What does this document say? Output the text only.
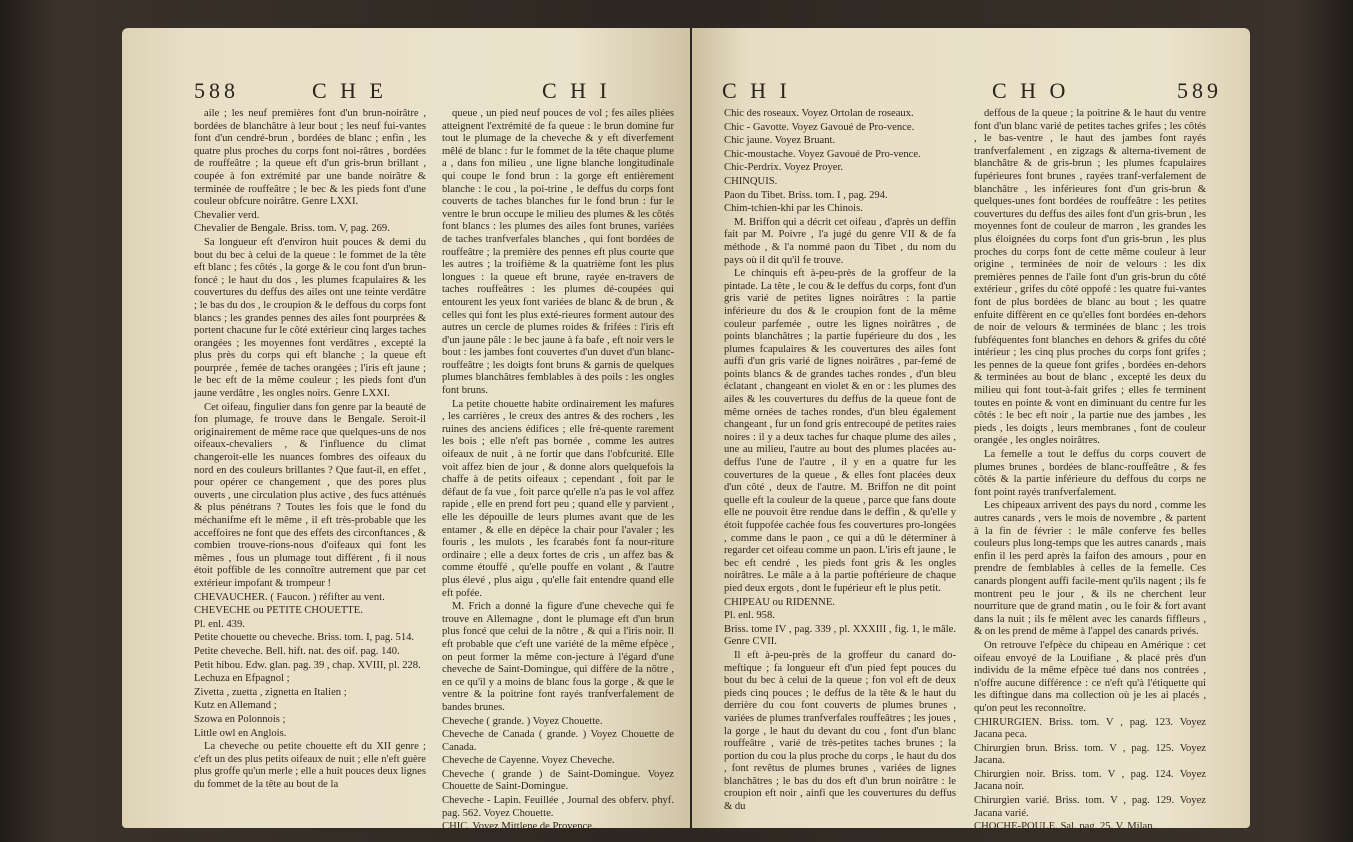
588	C H E	C H I

aile ; les neuf premières font d'un brun-noirâtre , bordées de blanchâtre à leur bout ; les neuf fui-vantes font d'un cendré-brun , bordées de blanc ; enfin , les quatre plus proches du corps font noi-râtres , bordées de rouffeâtre ; la queue eft d'un gris-brun brillant , coupée à fon extrémité par une bande noirâtre & terminée de rouffeâtre ; le bec & les pieds font d'une couleur obfcure noirâtre. Genre LXXI.

Chevalier verd.

Chevalier de Bengale. Briss. tom. V, pag. 269.

Sa longueur eft d'environ huit pouces & demi du bout du bec à celui de la queue : le fommet de la tête eft blanc ; fes côtés , la gorge & le cou font d'un brun-foncé ; le haut du dos , les plumes fcapulaires & les couvertures du deffus des ailes ont une teinte verdâtre ; le bas du dos , le croupion & le deffous du corps font blancs ; les grandes pennes des ailes font pourprées & portent chacune fur le côté extérieur cinq larges taches orangées ; les moyennes font verdâtres , excepté la plus près du corps qui eft blanche ; la queue eft pourprée , femée de taches orangées ; l'iris eft jaune ; le bec eft de la même couleur ; les pieds font d'un jaune verdâtre , les ongles noirs. Genre LXXI.

Cet oifeau, fingulier dans fon genre par la beauté de fon plumage, fe trouve dans le Bengale. Seroit-il originairement de même race que quelques-uns de nos oifeaux-chevaliers , & l'influence du climat changeroit-elle les nuances fombres des oifeaux du nord en des couleurs brillantes ? Que faut-il, en effet , pour opérer ce changement , que des pores plus ouverts , une circulation plus active , des fucs atténués & plus pénétrans ? Toutes les fois que le fond du méchanifme eft le même , il eft très-probable que les acceffoires ne font que des effets des circonftances , & combien trouve-rions-nous d'oifeaux qui font les mêmes , fous un plumage tout différent , fi il nous étoit poffible de les connoître autrement que par cet extérieur impofant & trompeur !

CHEVAUCHER. ( Faucon. ) réfifter au vent.

CHEVECHE ou PETITE CHOUETTE.

Pl. enl. 439.

Petite chouette ou cheveche. Briss. tom. I, pag. 514.

Petite cheveche. Bell. hift. nat. des oif. pag. 140.

Petit hibou. Edw. glan. pag. 39 , chap. XVIII, pl. 228.

Lechuza en Efpagnol ;

Zivetta , zuetta , zignetta en Italien ;

Kutz en Allemand ;

Szowa en Polonnois ;

Little owl en Anglois.

La cheveche ou petite chouette eft du XII genre ; c'eft un des plus petits oifeaux de nuit ; elle n'eft guère plus groffe qu'un merle ; elle a huit pouces deux lignes du fommet de la tête au bout de la

queue , un pied neuf pouces de vol ; fes ailes pliées atteignent l'extrémité de fa queue : le brun domine fur tout le plumage de la cheveche & y eft diverfement mêlé de blanc : fur le fommet de la tête chaque plume a , dans fon milieu , une ligne blanche longitudinale qui coupe le fond brun : la gorge eft entièrement blanche : le cou , la poi-trine , le deffus du corps font couverts de taches blanches fur le fond brun : fur le ventre le brun occupe le milieu des plumes & les côtés font blancs : les plumes des ailes font brunes, variées de taches tranfverfales blanches , qui font bordées de rouffeâtre ; la première des pennes eft plus courte que les autres ; la troifième & la quatrième font les plus longues : la queue eft brune, rayée en-travers de taches rouffeâtres : les plumes dé-coupées qui entourent les yeux font variées de blanc & de brun , & celles qui font les plus exté-rieures forment autour des autres un cercle de plumes roides & frifées : l'iris eft d'un jaune pâle : le bec jaune à fa bafe , eft noir vers le bout : les jambes font couvertes d'un duvet d'un blanc-rouffeâtre ; les doigts font bruns & garnis de quelques plumes blanchâtres femblables à des poils : les ongles font bruns.

La petite chouette habite ordinairement les mafures , les carrières , le creux des antres & des rochers , les ruines des anciens édifices ; elle fré-quente rarement les bois ; elle n'eft pas bornée , comme les autres oifeaux de nuit , à ne fortir que dans l'obfcurité. Elle voit affez bien de jour , & donne alors quelquefois la chaffe à de petits oifeaux ; cependant , foit par le défaut de fa vue , foit parce qu'elle n'a pas le vol affez rapide , elle en prend fort peu ; quand elle y parvient , elle les dépouille de leurs plumes avant que de les entamer , & elle en dépèce la chair pour l'avaler ; les fouris , les mulots , les fcarabés font fa nour-riture ordinaire ; elle a deux fortes de cris , un affez bas & comme étouffé , qu'elle pouffe en volant , & l'autre plus élevé , plus aigu , qu'elle fait entendre quand elle eft pofée.

M. Frich a donné la figure d'une cheveche qui fe trouve en Allemagne , dont le plumage eft d'un brun plus foncé que celui de la nôtre , & qui a l'iris noir. Il eft probable que c'eft une variété de la même efpèce , on peut former la même con-jecture à l'égard d'une cheveche de Saint-Domingue, qui diffère de la nôtre , en ce qu'il y a moins de blanc fous la gorge , & que le ventre & la poitrine font rayés tranfverfalement de bandes brunes.

Cheveche ( grande. ) Voyez Chouette.

Cheveche de Canada ( grande. ) Voyez Chouette de Canada.

Cheveche de Cayenne. Voyez Cheveche.

Cheveche ( grande ) de Saint-Domingue. Voyez Chouette de Saint-Domingue.

Cheveche - Lapin. Feuillée , Journal des obferv. phyf. pag. 562. Voyez Chouette.

CHIC. Voyez Mittlene de Provence.

C H I	C H O	589

Chic des roseaux. Voyez Ortolan de roseaux.

Chic - Gavotte. Voyez Gavoué de Pro-vence.

Chic jaune. Voyez Bruant.

Chic-moustache. Voyez Gavoué de Pro-vence.

Chic-Perdrix. Voyez Proyer.

CHINQUIS.

Paon du Tibet. Briss. tom. I , pag. 294.

Chim-tchien-khi par les Chinois.

M. Briffon qui a décrit cet oifeau , d'après un deffin fait par M. Poivre , l'a jugé du genre VII & de fa méthode , & l'a nommé paon du Tibet , du nom du pays où il dit qu'il fe trouve.

Le chinquis eft à-peu-près de la groffeur de la pintade. La tête , le cou & le deffus du corps, font d'un gris varié de petites lignes noirâtres : la partie inférieure du dos & le croupion font de la même couleur parfemée , outre les lignes noirâtres , de points blanchâtres ; la partie fupérieure du dos , les plumes fcapulaires & les couvertures des ailes font auffi d'un gris varié de lignes noirâtres , par-femé de points blancs & de grandes taches rondes , d'un bleu éclatant , changeant en violet & en or : les plumes des ailes & les couvertures du deffus de la queue font de même ornées de taches rondes, d'un bleu également changeant , fur un fond gris entrecoupé de petites raies noires : il y a deux taches fur chaque plume des ailes , une au milieu, l'autre au bout des plumes placées au-deffus l'une de l'autre , il y en a quatre fur les couvertures de la queue , & elles font placées deux d'un côté , deux de l'autre. M. Briffon ne dit point quelle eft la couleur de la queue , parce que fans doute elle ne pouvoit être rendue dans le deffin , & qu'elle y étoit fuppofée cachée fous fes couvertures pro-longées , comme dans le paon , ce qui a dû le déterminer à regarder cet oifeau comme un paon. L'iris eft jaune , le bec eft cendré , les pieds font gris & les ongles noirâtres. Le mâle a à la partie poftérieure de chaque pied deux ergots , dont le fupérieur eft le plus petit.

CHIPEAU ou RIDENNE.

Pl. enl. 958.

Briss. tome IV , pag. 339 , pl. XXXIII , fig. 1, le mâle. Genre CVII.

Il eft à-peu-près de la groffeur du canard do-meftique ; fa longueur eft d'un pied fept pouces du bout du bec à celui de la queue ; fon vol eft de deux pieds cinq pouces ; le deffus de la tête & le haut du derrière du cou font couverts de plumes brunes , variées de plumes tranfverfales rouffeâtres ; les joues , la gorge , le haut du devant du cou , font d'un blanc rouffeâtre , varié de très-petites taches brunes ; la portion du cou la plus proche du corps , le haut du dos , font revêtus de plumes brunes , variées de lignes blanchâtres ; le bas du dos eft d'un brun noirâtre : le croupion eft noir , ainfi que les couvertures du deffus & du

deffous de la queue ; la poitrine & le haut du ventre font d'un blanc varié de petites taches grifes ; les côtés , le bas-ventre , le haut des jambes font rayés tranfverfalement , en zigzags & alterna-tivement de blanchâtre & de gris-brun ; les plumes fcapulaires fupérieures font brunes , rayées tranf-verfalement de blanchâtre , les inférieures font d'un gris-brun & quelques-unes font bordées de rouffeâtre : les petites couvertures du deffus des ailes font d'un gris-brun , les moyennes font de couleur de marron , les grandes les plus éloignées du corps font d'un gris-brun , les plus proches du corps font de cette même couleur à leur origine , terminées de noir de velours : les dix premières pennes de l'aile font d'un gris-brun du côté extérieur , grifes du côté oppofé : les quatre fui-vantes font de plus bordées de blanc au bout ; les quatre enfuite diffèrent en ce qu'elles font bordées en-dehors de noir de velours & terminées de blanc ; les trois fubféquentes font blanches en dehors & grifes du côté intérieur ; les cinq plus proches du corps font grifes ; les pennes de la queue font grifes , bordées en-dehors & terminées au bout de blanc , excepté les deux du milieu qui font tout-à-fait grifes ; elles fe terminent toutes en pointe & vont en diminuant du centre fur les côtés : le bec eft noir , la partie nue des jambes , les pieds , les doigts , leurs membranes , font de couleur orangée , les ongles noirâtres.

La femelle a tout le deffus du corps couvert de plumes brunes , bordées de blanc-rouffeâtre , & fes côtés & la partie inférieure du deffous du corps ne font point rayés tranfverfalement.

Les chipeaux arrivent des pays du nord , comme les autres canards , vers le mois de novembre , & partent à la fin de février : le mâle conferve fes belles couleurs plus long-temps que les autres canards , mais enfin il les perd après la faifon des amours , pour en prendre de femblables à celles de la femelle. Ces canards plongent auffi facile-ment qu'ils nagent ; ils fe montrent peu le jour , & ils ne cherchent leur nourriture que de grand matin , ou le foir & fort avant dans la nuit ; ils fe mêlent avec les canards fiffleurs , & on les prend de même à l'appel des canards privés.

On retrouve l'efpèce du chipeau en Amérique : cet oifeau envoyé de la Louifiane , & placé près d'un individu de la même efpèce tué dans nos contrées , n'offre aucune différence : ce n'eft qu'à l'étiquette qui les diftingue dans ma collection où je les ai placés , qu'on peut les reconnoître.

CHIRURGIEN. Briss. tom. V , pag. 123. Voyez Jacana peca.

Chirurgien brun. Briss. tom. V , pag. 125. Voyez Jacana.

Chirurgien noir. Briss. tom. V , pag. 124. Voyez Jacana noir.

Chirurgien varié. Briss. tom. V , pag. 129. Voyez Jacana varié.

CHOCHE-POULE. Sal. pag. 25. V. Milan.
